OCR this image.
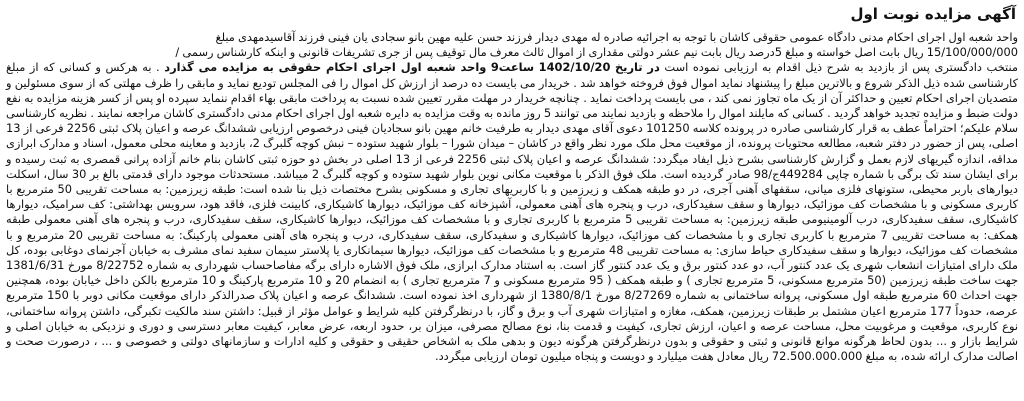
آگهی مزایده نوبت اول

واحد شعبه اول اجرای احکام مدنی دادگاه عمومی حقوقی کاشان با توجه به اجرائیه صادره له مهدی دیدار فرزند حسن علیه مهین بانو سجادی یان فینی فرزند آقاسیدمهدی مبلغ

15/100/000/000 ریال بابت اصل خواسته و مبلغ 5درصد ریال بابت نیم عشر دولتی مقداری از اموال ثالث معرف مال توقیف پس از جری تشریفات قانونی و اینکه کارشناس رسمی /

منتخب دادگستری پس از بازدید به شرح ذیل اقدام به ارزیابی نموده است در تاریخ 1402/10/20 ساعت9 واحد شعبه اول اجرای احکام حقوقی به مزایده می گذارد . به هرکس و کسانی که از مبلغ کارشناسی شده ذیل الذکر شروع و بالاترین مبلغ را پیشنهاد نماید اموال فوق فروخته خواهد شد . خریدار می بایست ده درصد از ارزش کل اموال را فی المجلس تودیع نماید و مابقی را ظرف مهلتی که از سوی مسئولین و متصدیان اجرای احکام تعیین و حداکثر آن از یک ماه تجاوز نمی کند ، می بایست پرداخت نماید . چنانچه خریدار در مهلت مقرر تعیین شده نسبت به پرداخت مابقی بهاء اقدام ننماید سپرده او پس از کسر هزینه مزایده به نفع دولت ضبط و مزایده تجدید خواهد گردید . کسانی که مایلند اموال را ملاحظه و بازدید نمایند می توانند 5 روز مانده به وقت مزایده به دایره شعبه اول اجرای احکام مدنی دادگستری کاشان مراجعه نمایند . نظریه کارشناسی سلام علیکم؛ احتراماً عطف به قرار کارشناسی صادره در پرونده کلاسه 101250 دعوی آقای مهدی دیدار به طرفیت خانم مهین بانو سجادیان فینی درخصوص ارزیابی ششدانگ عرصه و اعیان پلاک ثبتی 2256 فرعی از 13 اصلی، پس از حضور در دفتر شعبه، مطالعه محتویات پرونده، از موقعیت محل ملک مورد نظر واقع در کاشان – میدان شورا – بلوار شهید ستوده – نبش کوچه گلبرگ 2، بازدید و معاینه محلی معمول، اسناد و مدارک ابرازی مداقه، اندازه گیریهای لازم بعمل و گزارش کارشناسی بشرح ذیل ایفاد میگردد: ششدانگ عرصه و اعیان پلاک ثبتی 2256 فرعی از 13 اصلی در بخش دو حوزه ثبتی کاشان بنام خانم آزاده پرانی قمصری به ثبت رسیده و برای ایشان سند تک برگی با شماره چاپی 449284ج/98 صادر گردیده است. ملک فوق الذکر با موقعیت مکانی نوین بلوار شهید ستوده و کوچه گلبرگ 2 میباشد. مستحدثات موجود دارای قدمتی بالغ بر 30 سال، اسکلت دیوارهای باربر محیطی، ستونهای فلزی میانی، سقفهای آهنی آجری، در دو طبقه همکف و زیرزمین و با کاربریهای تجاری و مسکونی بشرح مختصات ذیل بنا شده است: طبقه زیرزمین: به مساحت تقریبی 50 مترمربع با کاربری مسکونی و با مشخصات کف موزائیک، دیوارها و سقف سفیدکاری، درب و پنجره های آهنی معمولی، آشپزخانه کف موزائیک، دیوارها کاشیکاری، کابینت فلزی، فاقد هود، سرویس بهداشتی: کف سرامیک، دیوارها کاشیکاری، سقف سفیدکاری، درب آلومینیومی طبقه زیرزمین: به مساحت تقریبی 5 مترمربع با کاربری تجاری و با مشخصات کف موزائیک، دیوارها کاشیکاری، سقف سفیدکاری، درب و پنجره های آهنی معمولی طبقه همکف: به مساحت تقریبی 7 مترمربع با کاربری تجاری و با مشخصات کف موزائیک، دیوارها کاشیکاری و سفیدکاری، سقف سفیدکاری، درب و پنجره های آهنی معمولی پارکینگ: به مساحت تقریبی 20 مترمربع و با مشخصات کف موزائیک، دیوارها و سقف سفیدکاری حیاط سازی: به مساحت تقریبی 48 مترمربع و با مشخصات کف موزائیک، دیوارها سیمانکاری یا پلاستر سیمان سفید نمای مشرف به خیابان آجرنمای دوغابی بوده، کل ملک دارای امتیازات انشعاب شهری یک عدد کنتور آب، دو عدد کنتور برق و یک عدد کنتور گاز است. به استناد مدارک ابرازی، ملک فوق الاشاره دارای برگه مفاصاحساب شهرداری به شماره 8/22752 مورخ 1381/6/31 جهت ساخت طبقه زیرزمین (50 مترمربع مسکونی، 5 مترمربع تجاری ) و طبقه همکف ( 95 مترمربع مسکونی و 7 مترمربع تجاری ) به انضمام 20 و 10 مترمربع پارکینگ و 10 مترمربع بالکن داخل خیابان بوده، همچنین جهت احداث 60 مترمربع طبقه اول مسکونی، پروانه ساختمانی به شماره 8/27269 مورخ 1380/8/1 از شهرداری اخذ نموده است. ششدانگ عرصه و اعیان پلاک صدرالذکر دارای موقعیت مکانی دوبر با 150 مترمربع عرصه، حدوداً 177 مترمربع اعیان مشتمل بر طبقات زیرزمین، همکف، مغازه و امتیازات شهری آب و برق و گاز، با درنظرگرفتن کلیه شرایط و عوامل مؤثر از قبیل: داشتن سند مالکیت تکبرگی، داشتن پروانه ساختمانی، نوع کاربری، موقعیت و مرغوبیت محل، مساحت عرصه و اعیان، ارزش تجاری، کیفیت و قدمت بنا، نوع مصالح مصرفی، میزان بر، حدود اربعه، عرض معابر، کیفیت معابر دسترسی و دوری و نزدیکی به خیابان اصلی و شرایط بازار و ... بدون لحاظ هرگونه موانع قانونی و ثبتی و حقوقی و بدون درنظرگرفتن هرگونه دیون و بدهی ملک به اشخاص حقیقی و حقوقی و کلیه ادارات و سازمانهای دولتی و خصوصی و ... ، درصورت صحت و اصالت مدارک ارائه شده، به مبلغ 72.500.000.000 ریال معادل هفت میلیارد و دویست و پنجاه میلیون تومان ارزیابی میگردد.
